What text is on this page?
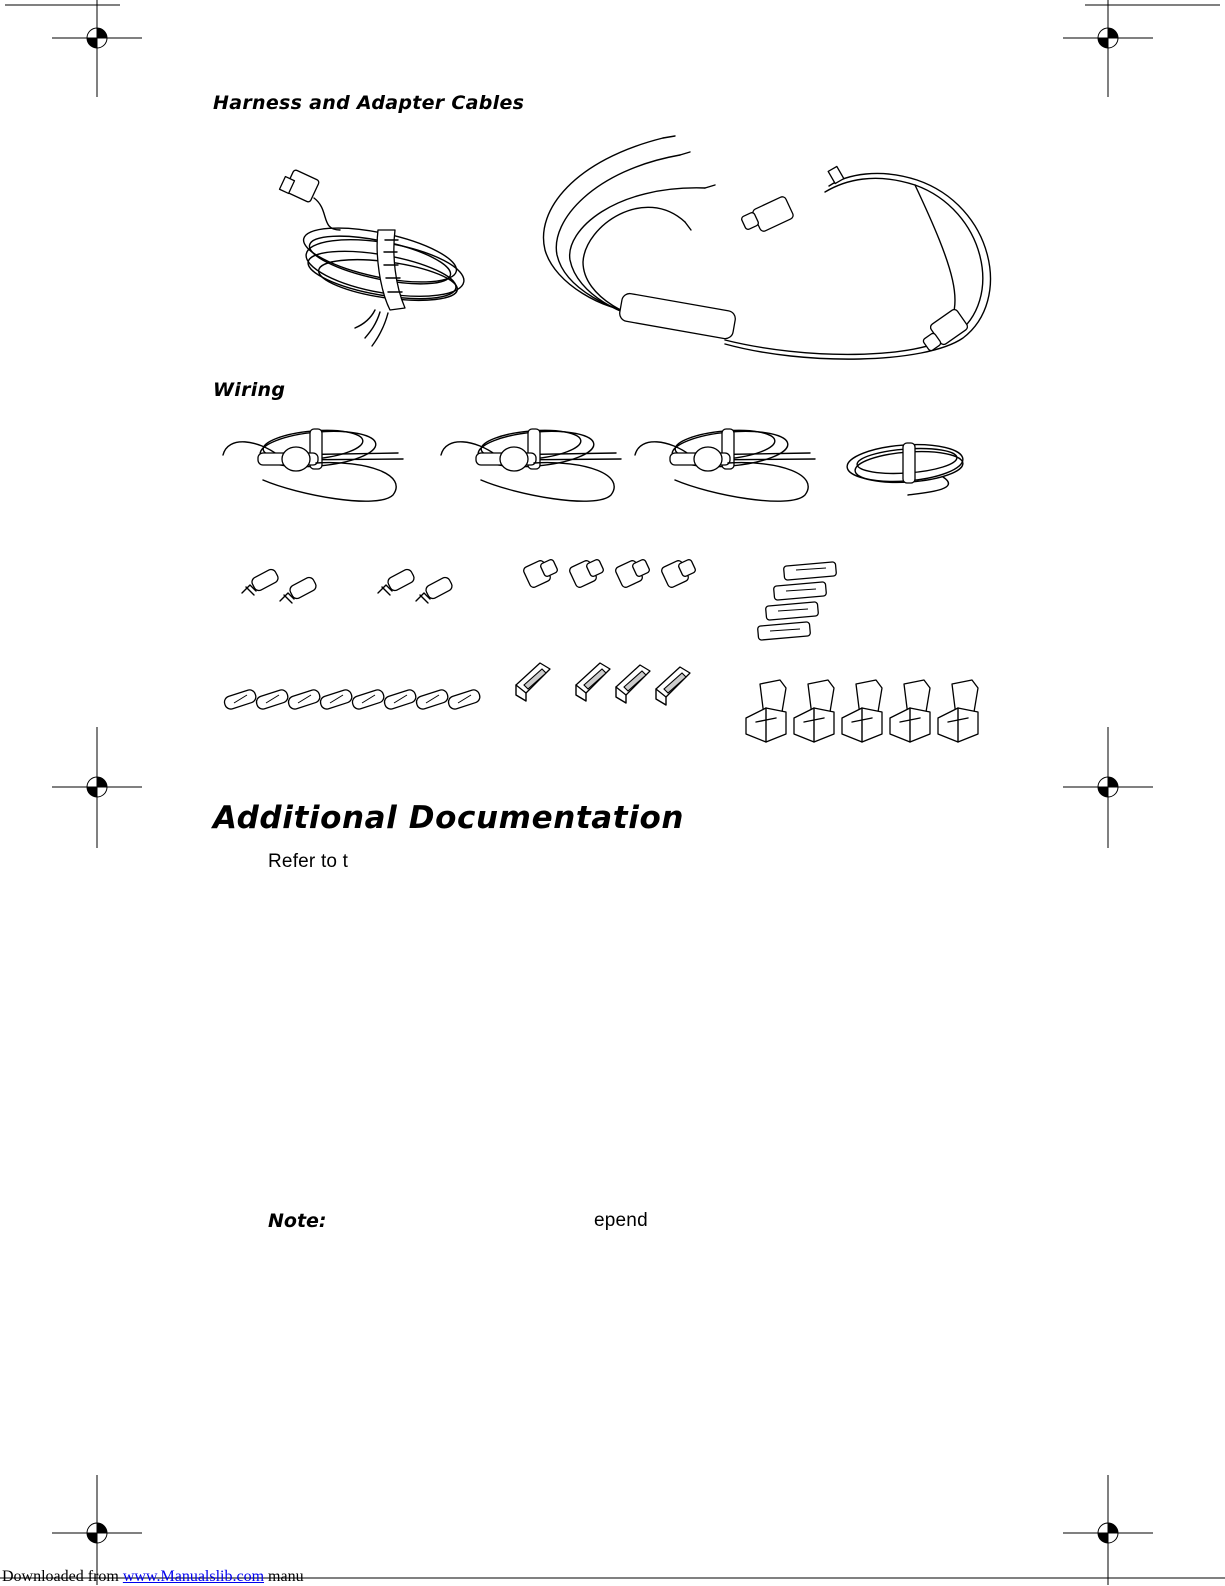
Harness and Adapter Cables
Wiring
Additional Documentation
Refer to t
Note:	epend
Downloaded from www.Manualslib.com manu
